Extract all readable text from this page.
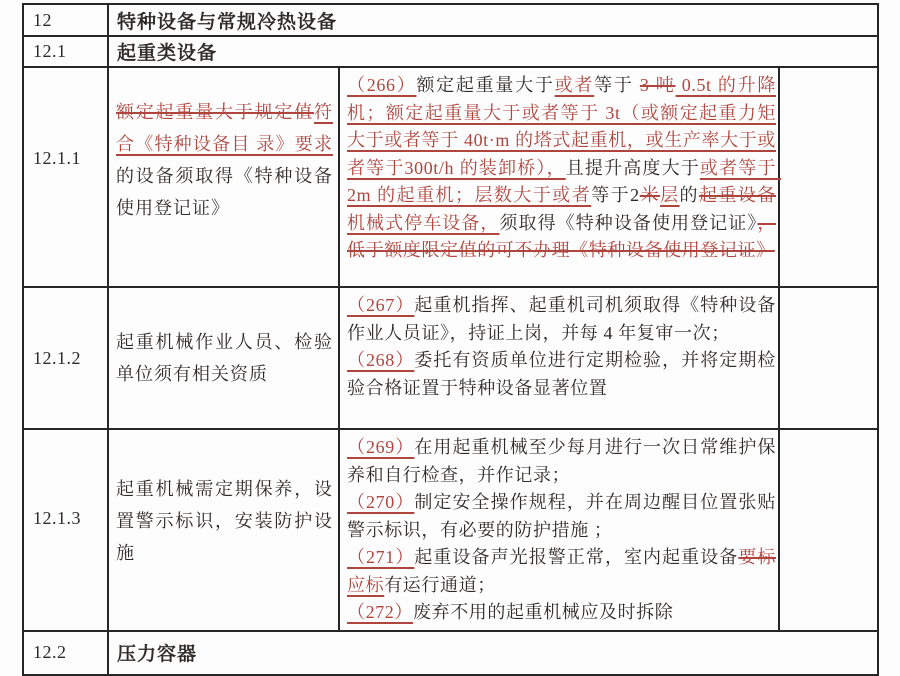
12	特种设备与常规冷热设备		
12.1	起重类设备		
12.1.1	额定起重量大于规定值符合《特种设备目 录》要求的设备须取得《特种设备使用登记证》	（266）额定起重量大于或者等于 3 吨 0.5t 的升降机；额定起重量大于或者等于 3t（或额定起重力矩大于或者等于 40t·m 的塔式起重机，或生产率大于或者等于300t/h 的装卸桥），且提升高度大于或者等于 2m 的起重机；层数大于或者等于2米层的起重设备机械式停车设备，须取得《特种设备使用登记证》，低于额度限定值的可不办理《特种设备使用登记证》	

12.1.2	起重机械作业人员、检验单位须有相关资质	（267）起重机指挥、起重机司机须取得《特种设备作业人员证》，持证上岗，并每 4 年复审一次；
（268）委托有资质单位进行定期检验，并将定期检验合格证置于特种设备显著位置	

12.1.3	起重机械需定期保养，设置警示标识，安装防护设施	（269）在用起重机械至少每月进行一次日常维护保养和自行检查，并作记录；
（270）制定安全操作规程，并在周边醒目位置张贴警示标识，有必要的防护措施 ；
（271）起重设备声光报警正常，室内起重设备要标应标有运行通道；
（272）废弃不用的起重机械应及时拆除	

12.2	压力容器		
